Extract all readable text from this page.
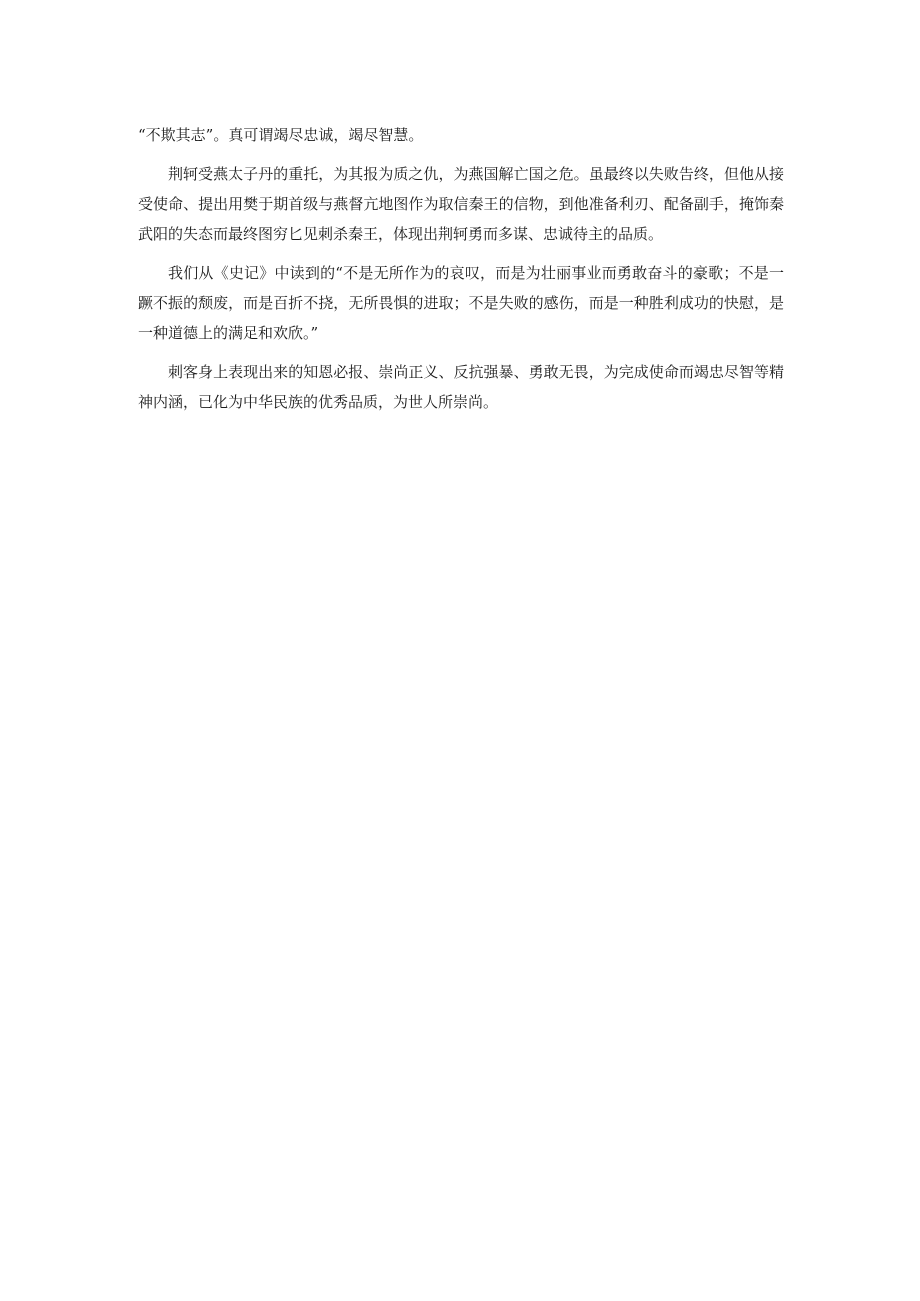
“不欺其志”。真可谓竭尽忠诚，竭尽智慧。

荆轲受燕太子丹的重托，为其报为质之仇，为燕国解亡国之危。虽最终以失败告终，但他从接受使命、提出用樊于期首级与燕督亢地图作为取信秦王的信物，到他准备利刃、配备副手，掩饰秦武阳的失态而最终图穷匕见刺杀秦王，体现出荆轲勇而多谋、忠诚待主的品质。

我们从《史记》中读到的“不是无所作为的哀叹，而是为壮丽事业而勇敢奋斗的豪歌；不是一蹶不振的颓废，而是百折不挠，无所畏惧的进取；不是失败的感伤，而是一种胜利成功的快慰，是一种道德上的满足和欢欣。”

刺客身上表现出来的知恩必报、崇尚正义、反抗强暴、勇敢无畏，为完成使命而竭忠尽智等精神内涵，已化为中华民族的优秀品质，为世人所崇尚。
